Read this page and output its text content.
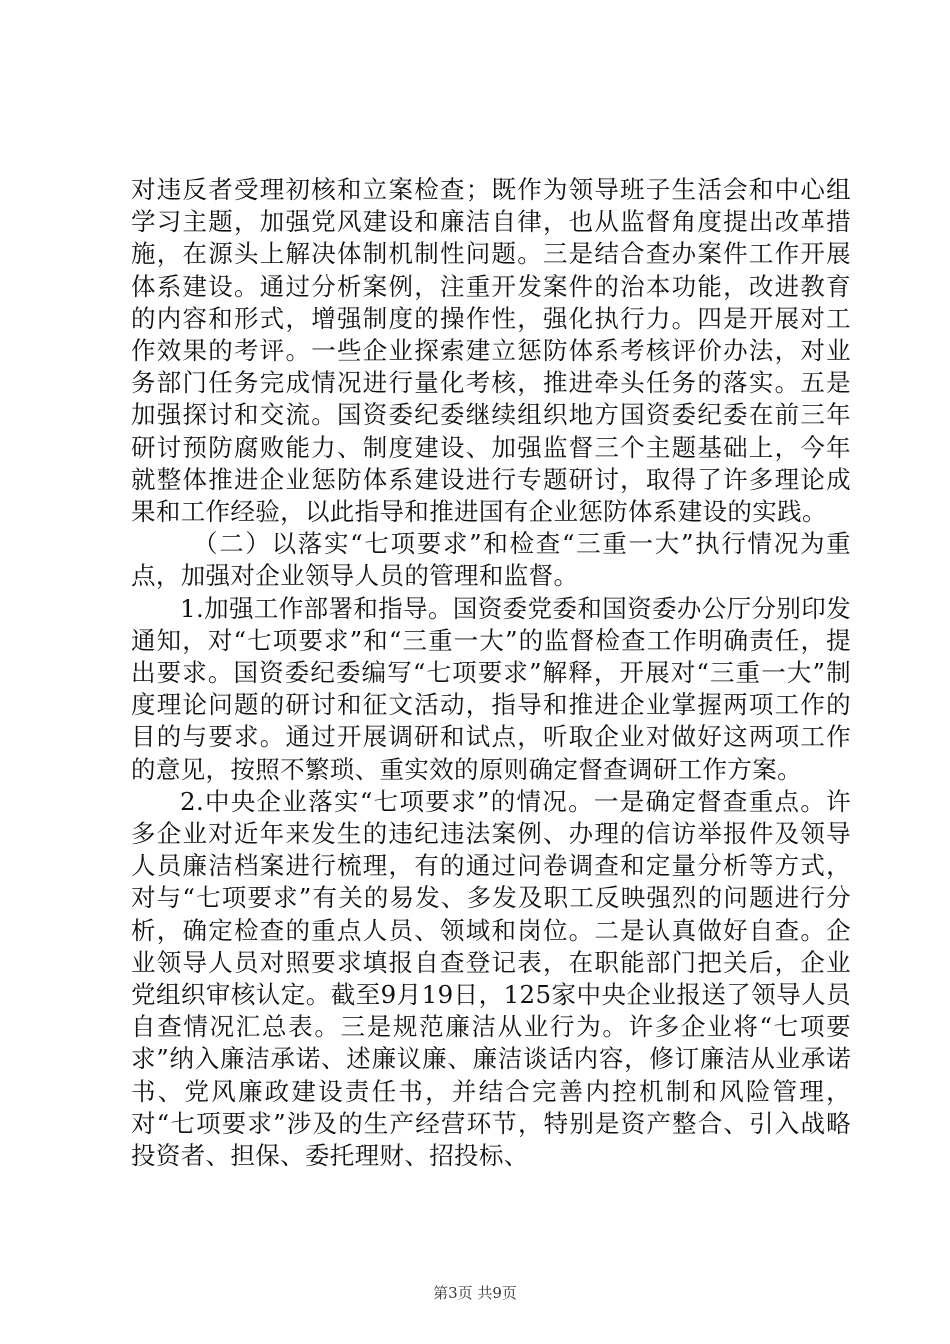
对违反者受理初核和立案检查；既作为领导班子生活会和中心组学习主题，加强党风建设和廉洁自律，也从监督角度提出改革措施，在源头上解决体制机制性问题。三是结合查办案件工作开展体系建设。通过分析案例，注重开发案件的治本功能，改进教育的内容和形式，增强制度的操作性，强化执行力。四是开展对工作效果的考评。一些企业探索建立惩防体系考核评价办法，对业务部门任务完成情况进行量化考核，推进牵头任务的落实。五是加强探讨和交流。国资委纪委继续组织地方国资委纪委在前三年研讨预防腐败能力、制度建设、加强监督三个主题基础上，今年就整体推进企业惩防体系建设进行专题研讨，取得了许多理论成果和工作经验，以此指导和推进国有企业惩防体系建设的实践。

（二）以落实“七项要求”和检查“三重一大”执行情况为重点，加强对企业领导人员的管理和监督。

1.加强工作部署和指导。国资委党委和国资委办公厅分别印发通知，对“七项要求”和“三重一大”的监督检查工作明确责任，提出要求。国资委纪委编写“七项要求”解释，开展对“三重一大”制度理论问题的研讨和征文活动，指导和推进企业掌握两项工作的目的与要求。通过开展调研和试点，听取企业对做好这两项工作的意见，按照不繁琐、重实效的原则确定督查调研工作方案。

2.中央企业落实“七项要求”的情况。一是确定督查重点。许多企业对近年来发生的违纪违法案例、办理的信访举报件及领导人员廉洁档案进行梳理，有的通过问卷调查和定量分析等方式，对与“七项要求”有关的易发、多发及职工反映强烈的问题进行分析，确定检查的重点人员、领域和岗位。二是认真做好自查。企业领导人员对照要求填报自查登记表，在职能部门把关后，企业党组织审核认定。截至9月19日，125家中央企业报送了领导人员自查情况汇总表。三是规范廉洁从业行为。许多企业将“七项要求”纳入廉洁承诺、述廉议廉、廉洁谈话内容，修订廉洁从业承诺书、党风廉政建设责任书，并结合完善内控机制和风险管理，对“七项要求”涉及的生产经营环节，特别是资产整合、引入战略投资者、担保、委托理财、招投标、

第3页 共9页
